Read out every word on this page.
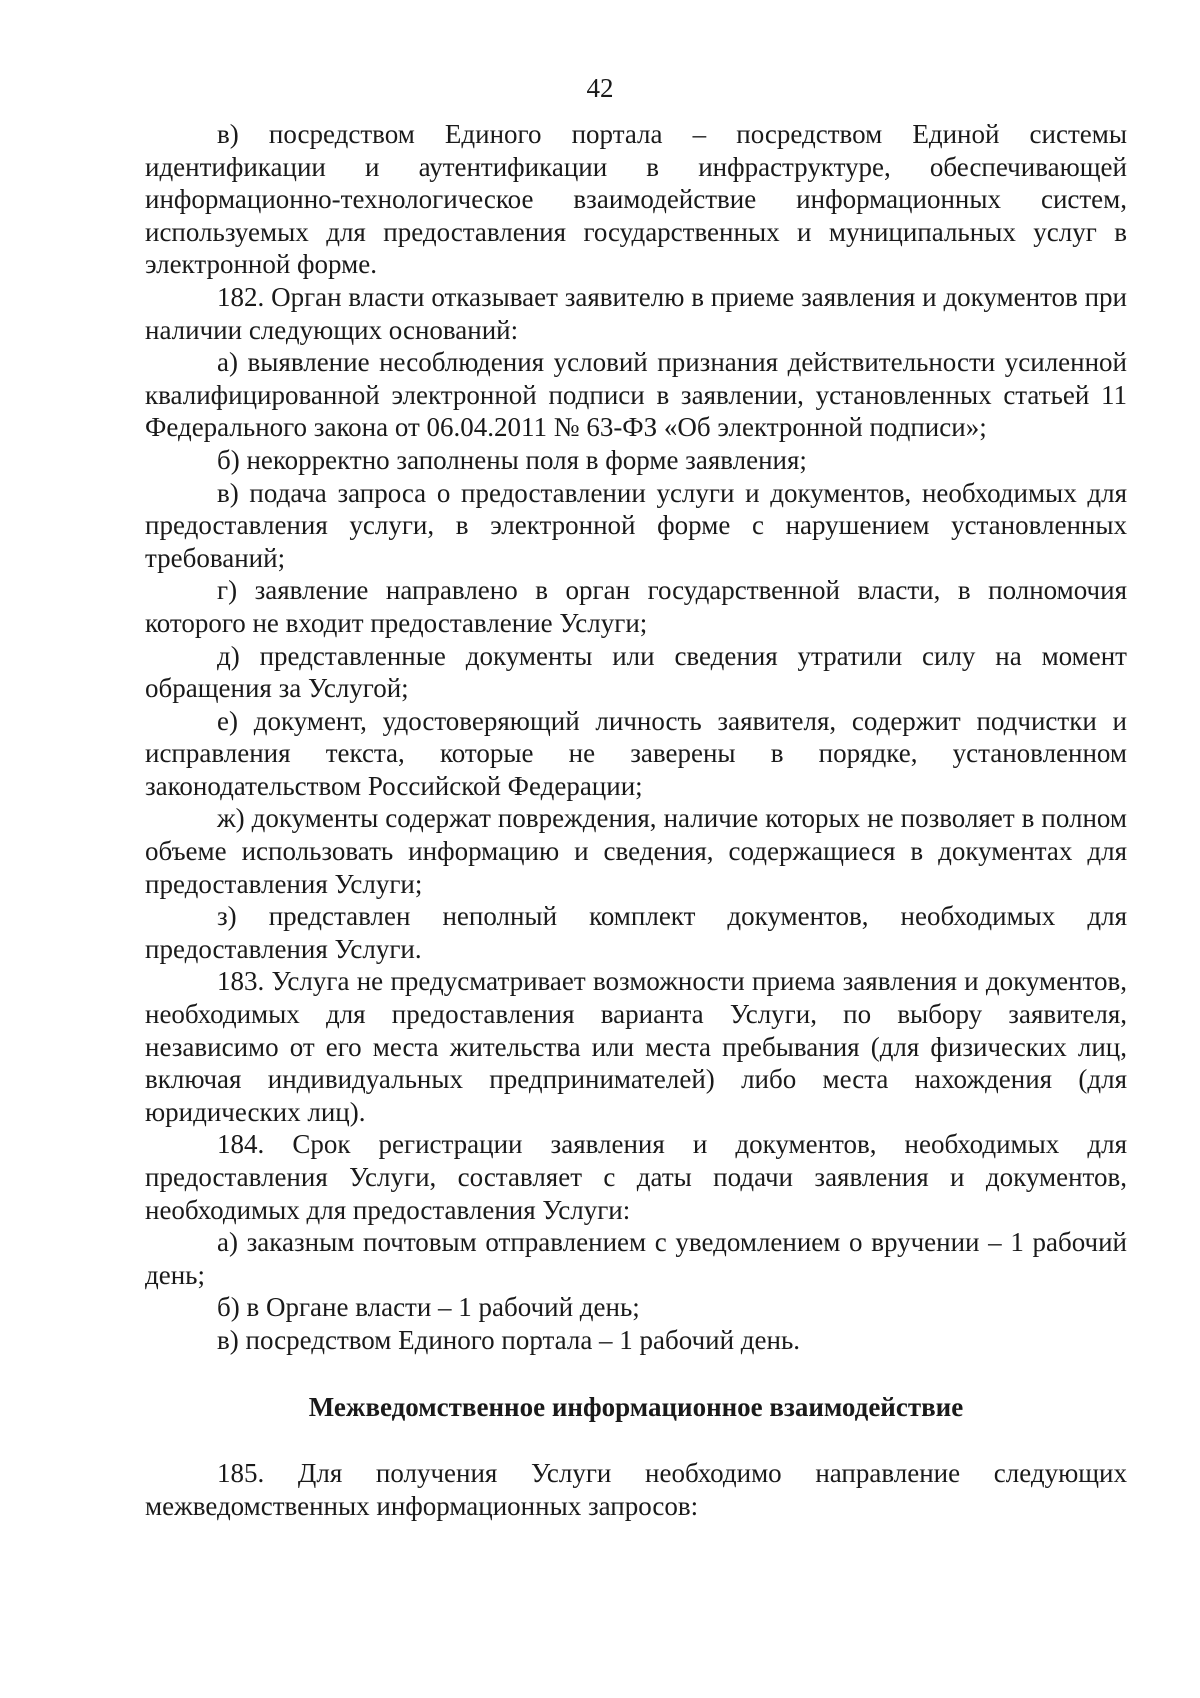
42

в) посредством Единого портала – посредством Единой системы идентификации и аутентификации в инфраструктуре, обеспечивающей информационно-технологическое взаимодействие информационных систем, используемых для предоставления государственных и муниципальных услуг в электронной форме.

182. Орган власти отказывает заявителю в приеме заявления и документов при наличии следующих оснований:

а) выявление несоблюдения условий признания действительности усиленной квалифицированной электронной подписи в заявлении, установленных статьей 11 Федерального закона от 06.04.2011 № 63-ФЗ «Об электронной подписи»;

б) некорректно заполнены поля в форме заявления;

в) подача запроса о предоставлении услуги и документов, необходимых для предоставления услуги, в электронной форме с нарушением установленных требований;

г) заявление направлено в орган государственной власти, в полномочия которого не входит предоставление Услуги;

д) представленные документы или сведения утратили силу на момент обращения за Услугой;

е) документ, удостоверяющий личность заявителя, содержит подчистки и исправления текста, которые не заверены в порядке, установленном законодательством Российской Федерации;

ж) документы содержат повреждения, наличие которых не позволяет в полном объеме использовать информацию и сведения, содержащиеся в документах для предоставления Услуги;

з) представлен неполный комплект документов, необходимых для предоставления Услуги.

183. Услуга не предусматривает возможности приема заявления и документов, необходимых для предоставления варианта Услуги, по выбору заявителя, независимо от его места жительства или места пребывания (для физических лиц, включая индивидуальных предпринимателей) либо места нахождения (для юридических лиц).

184. Срок регистрации заявления и документов, необходимых для предоставления Услуги, составляет с даты подачи заявления и документов, необходимых для предоставления Услуги:

а) заказным почтовым отправлением с уведомлением о вручении – 1 рабочий день;

б) в Органе власти – 1 рабочий день;

в) посредством Единого портала – 1 рабочий день.

Межведомственное информационное взаимодействие

185. Для получения Услуги необходимо направление следующих межведомственных информационных запросов:
